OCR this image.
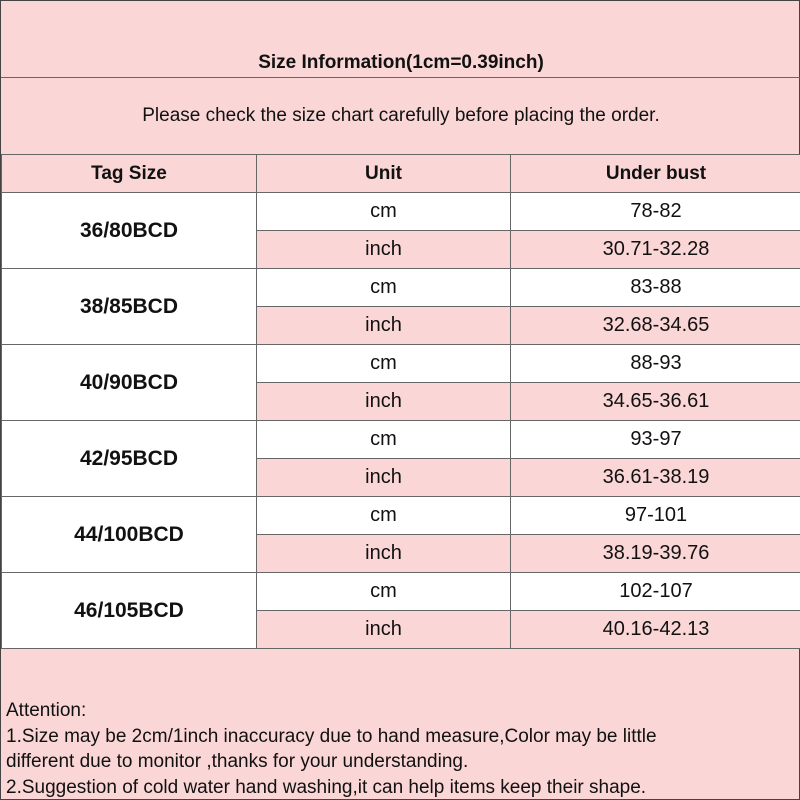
Size Information(1cm=0.39inch)
Please check the size chart carefully before placing the order.
Tag Size	Unit	Under bust
36/80BCD	cm	78-82
	inch	30.71-32.28
38/85BCD	cm	83-88
	inch	32.68-34.65
40/90BCD	cm	88-93
	inch	34.65-36.61
42/95BCD	cm	93-97
	inch	36.61-38.19
44/100BCD	cm	97-101
	inch	38.19-39.76
46/105BCD	cm	102-107
	inch	40.16-42.13
Attention:
1.Size may be 2cm/1inch inaccuracy due to hand measure,Color may be little
different due to monitor ,thanks for your understanding.
2.Suggestion of cold water hand washing,it can help items keep their shape.
